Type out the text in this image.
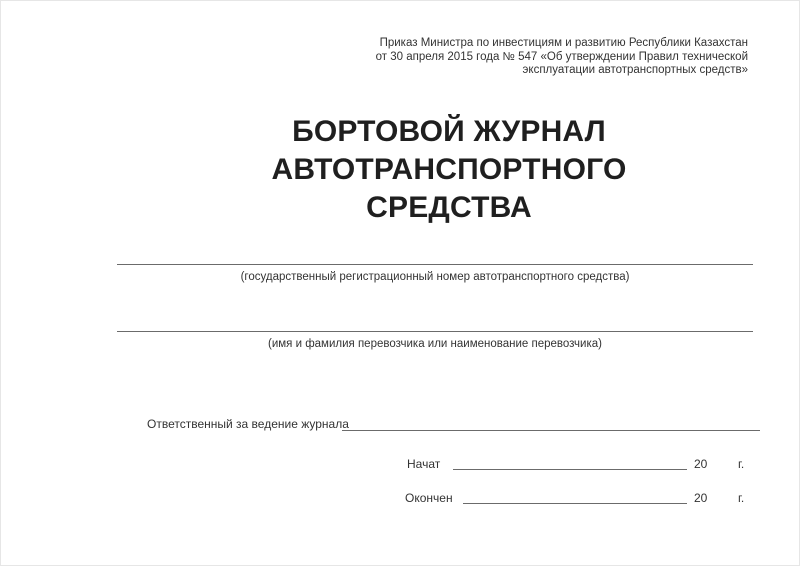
Приказ Министра по инвестициям и развитию Республики Казахстан
от 30 апреля 2015 года № 547 «Об утверждении Правил технической
эксплуатации автотранспортных средств»
БОРТОВОЙ ЖУРНАЛ
АВТОТРАНСПОРТНОГО
СРЕДСТВА
(государственный регистрационный номер автотранспортного средства)
(имя и фамилия перевозчика или наименование перевозчика)
Ответственный за ведение журнала
Начат	20	г.
Окончен	20	г.
